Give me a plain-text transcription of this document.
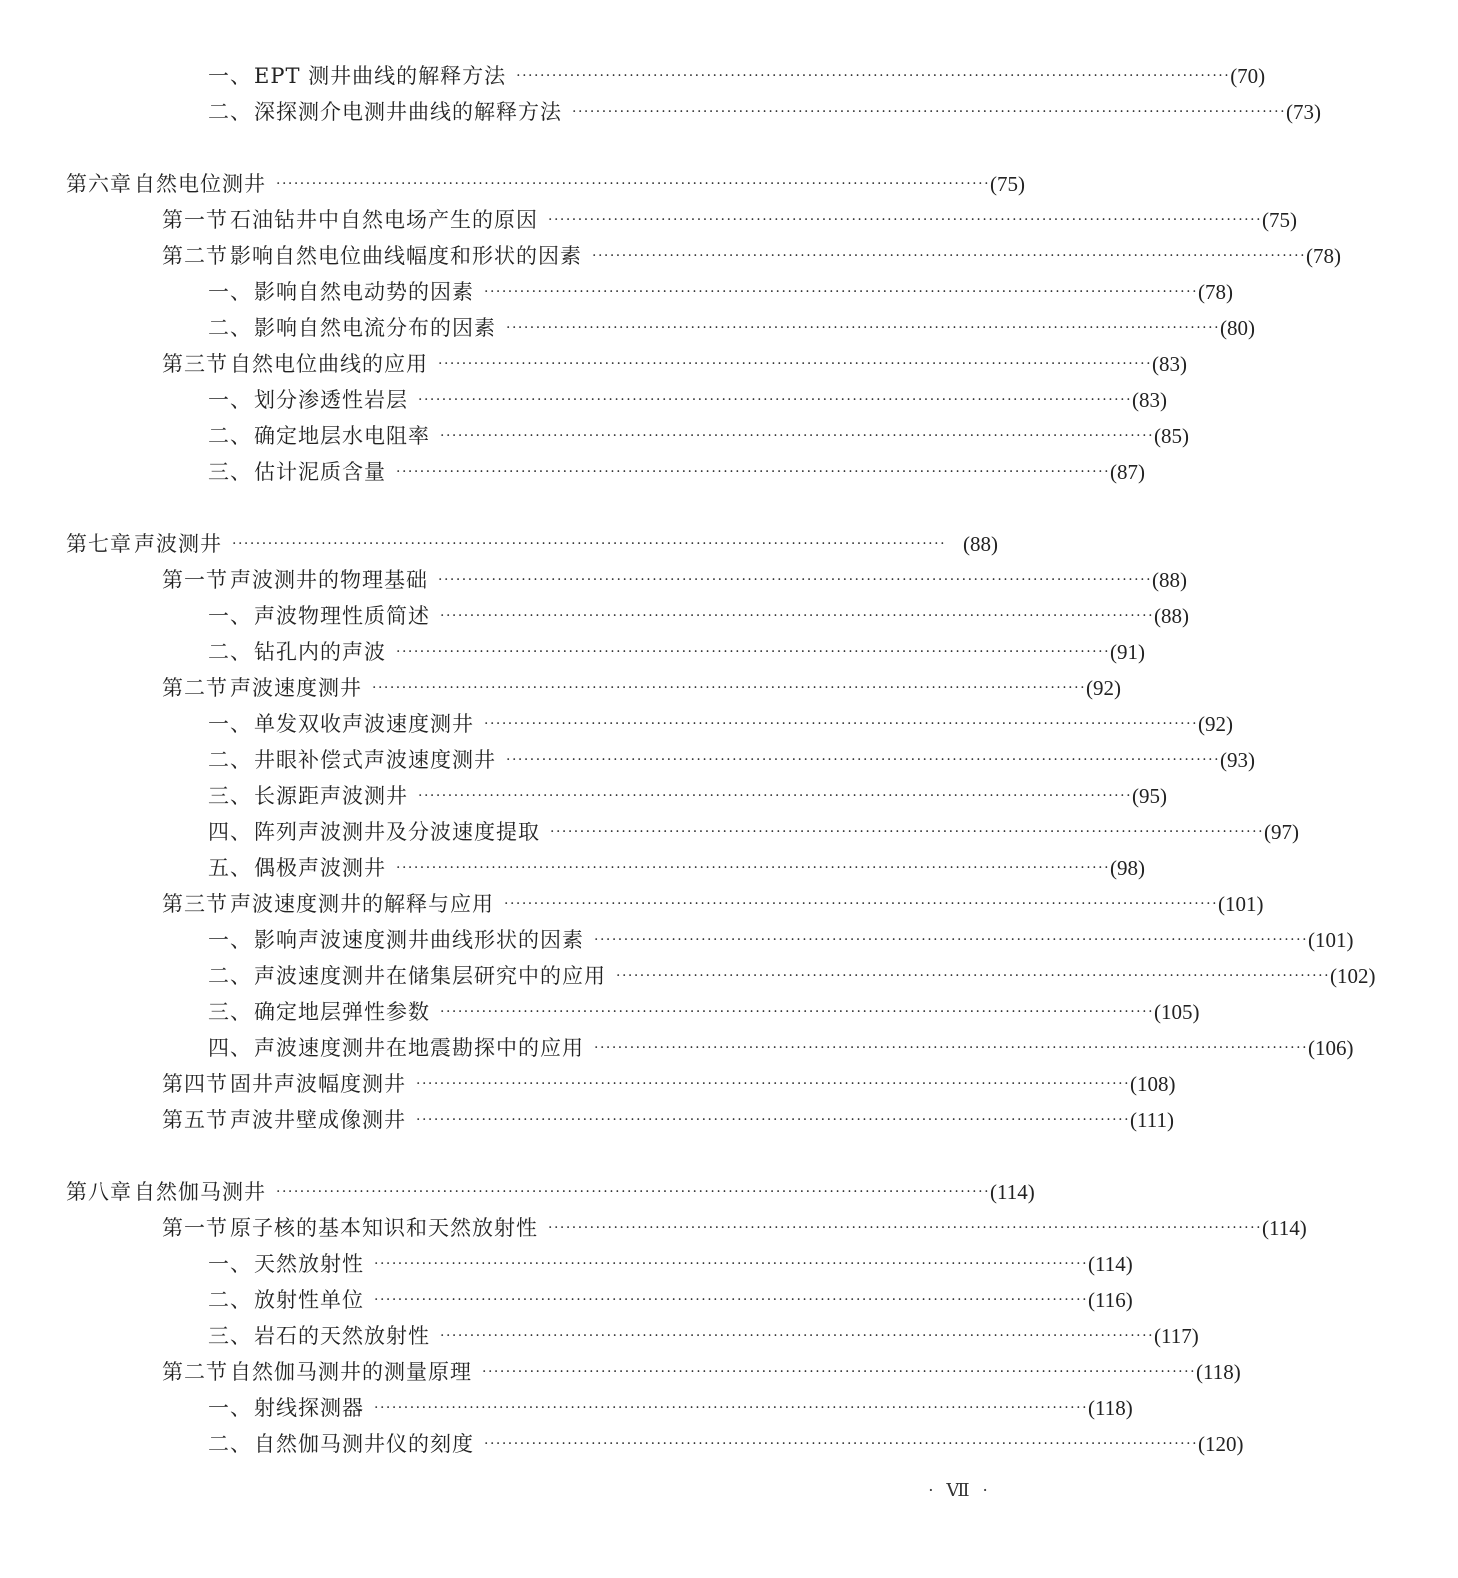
一、 EPT 测井曲线的解释方法 ························································································································ (70)
二、 深探测介电测井曲线的解释方法 ························································································································ (73)
第六章 自然电位测井 ························································································································ (75)
第一节 石油钻井中自然电场产生的原因 ························································································································ (75)
第二节 影响自然电位曲线幅度和形状的因素 ························································································································ (78)
一、 影响自然电动势的因素 ························································································································ (78)
二、 影响自然电流分布的因素 ························································································································ (80)
第三节 自然电位曲线的应用 ························································································································ (83)
一、 划分渗透性岩层 ························································································································ (83)
二、 确定地层水电阻率 ························································································································ (85)
三、 估计泥质含量 ························································································································ (87)
第七章 声波测井 ························································································································ (88)
第一节 声波测井的物理基础 ························································································································ (88)
一、 声波物理性质简述 ························································································································ (88)
二、 钻孔内的声波 ························································································································ (91)
第二节 声波速度测井 ························································································································ (92)
一、 单发双收声波速度测井 ························································································································ (92)
二、 井眼补偿式声波速度测井 ························································································································ (93)
三、 长源距声波测井 ························································································································ (95)
四、 阵列声波测井及分波速度提取 ························································································································ (97)
五、 偶极声波测井 ························································································································ (98)
第三节 声波速度测井的解释与应用 ························································································································ (101)
一、 影响声波速度测井曲线形状的因素 ························································································································ (101)
二、 声波速度测井在储集层研究中的应用 ························································································································ (102)
三、 确定地层弹性参数 ························································································································ (105)
四、 声波速度测井在地震勘探中的应用 ························································································································ (106)
第四节 固井声波幅度测井 ························································································································ (108)
第五节 声波井壁成像测井 ························································································································ (111)
第八章 自然伽马测井 ························································································································ (114)
第一节 原子核的基本知识和天然放射性 ························································································································ (114)
一、 天然放射性 ························································································································ (114)
二、 放射性单位 ························································································································ (116)
三、 岩石的天然放射性 ························································································································ (117)
第二节 自然伽马测井的测量原理 ························································································································ (118)
一、 射线探测器 ························································································································ (118)
二、 自然伽马测井仪的刻度 ························································································································ (120)
· Ⅶ ·
